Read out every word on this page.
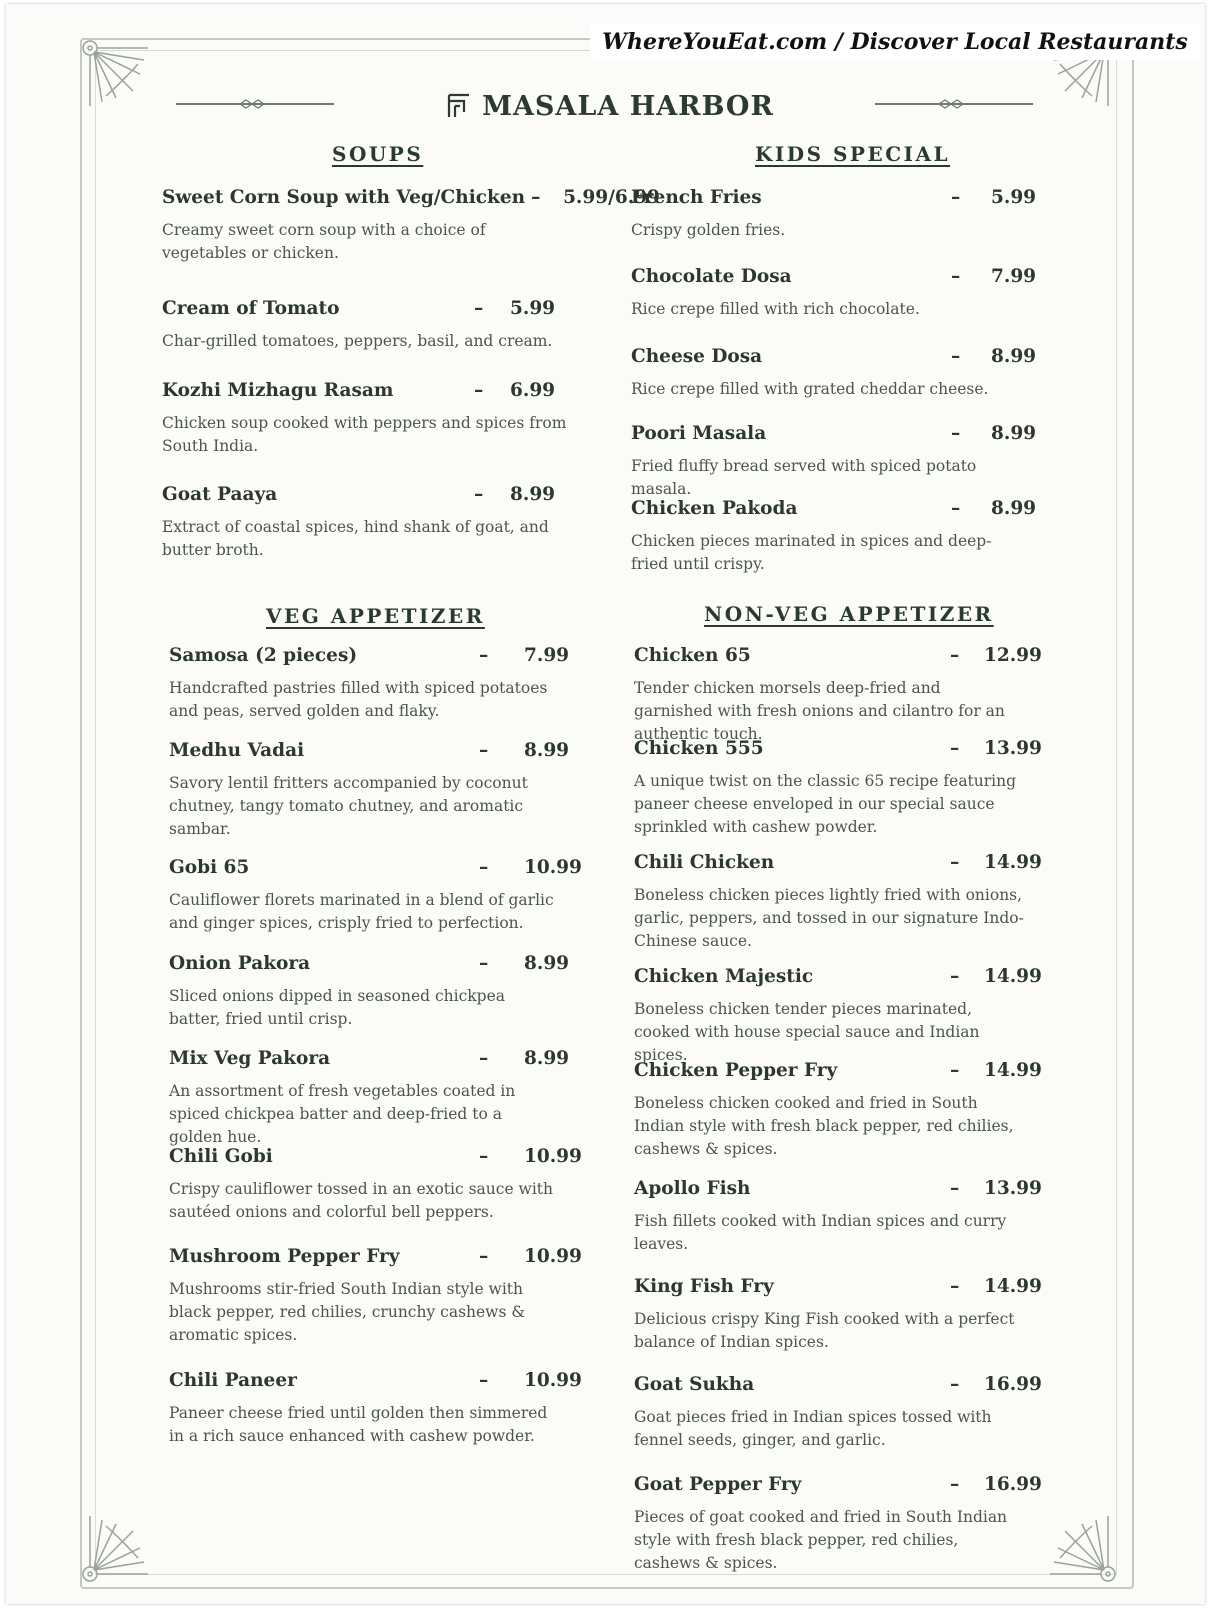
WhereYouEat.com / Discover Local Restaurants
MASALA HARBOR
SOUPS	KIDS SPECIAL
VEG APPETIZER	NON-VEG APPETIZER
Sweet Corn Soup with Veg/Chicken – 5.99/6.99
Creamy sweet corn soup with a choice of vegetables or chicken.
Cream of Tomato	– 5.99
Char-grilled tomatoes, peppers, basil, and cream.
Kozhi Mizhagu Rasam	– 6.99
Chicken soup cooked with peppers and spices from South India.
Goat Paaya	– 8.99
Extract of coastal spices, hind shank of goat, and butter broth.
French Fries	– 5.99
Crispy golden fries.
Chocolate Dosa	– 7.99
Rice crepe filled with rich chocolate.
Cheese Dosa	– 8.99
Rice crepe filled with grated cheddar cheese.
Poori Masala	– 8.99
Fried fluffy bread served with spiced potato masala.
Chicken Pakoda	– 8.99
Chicken pieces marinated in spices and deep-fried until crispy.
Samosa (2 pieces)	– 7.99
Handcrafted pastries filled with spiced potatoes and peas, served golden and flaky.
Medhu Vadai	– 8.99
Savory lentil fritters accompanied by coconut chutney, tangy tomato chutney, and aromatic sambar.
Gobi 65	– 10.99
Cauliflower florets marinated in a blend of garlic and ginger spices, crisply fried to perfection.
Onion Pakora	– 8.99
Sliced onions dipped in seasoned chickpea batter, fried until crisp.
Mix Veg Pakora	– 8.99
An assortment of fresh vegetables coated in spiced chickpea batter and deep-fried to a golden hue.
Chili Gobi	– 10.99
Crispy cauliflower tossed in an exotic sauce with sautéed onions and colorful bell peppers.
Mushroom Pepper Fry	– 10.99
Mushrooms stir-fried South Indian style with black pepper, red chilies, crunchy cashews & aromatic spices.
Chili Paneer	– 10.99
Paneer cheese fried until golden then simmered in a rich sauce enhanced with cashew powder.
Chicken 65	– 12.99
Tender chicken morsels deep-fried and garnished with fresh onions and cilantro for an authentic touch.
Chicken 555	– 13.99
A unique twist on the classic 65 recipe featuring paneer cheese enveloped in our special sauce sprinkled with cashew powder.
Chili Chicken	– 14.99
Boneless chicken pieces lightly fried with onions, garlic, peppers, and tossed in our signature Indo-Chinese sauce.
Chicken Majestic	– 14.99
Boneless chicken tender pieces marinated, cooked with house special sauce and Indian spices.
Chicken Pepper Fry	– 14.99
Boneless chicken cooked and fried in South Indian style with fresh black pepper, red chilies, cashews & spices.
Apollo Fish	– 13.99
Fish fillets cooked with Indian spices and curry leaves.
King Fish Fry	– 14.99
Delicious crispy King Fish cooked with a perfect balance of Indian spices.
Goat Sukha	– 16.99
Goat pieces fried in Indian spices tossed with fennel seeds, ginger, and garlic.
Goat Pepper Fry	– 16.99
Pieces of goat cooked and fried in South Indian style with fresh black pepper, red chilies, cashews & spices.
